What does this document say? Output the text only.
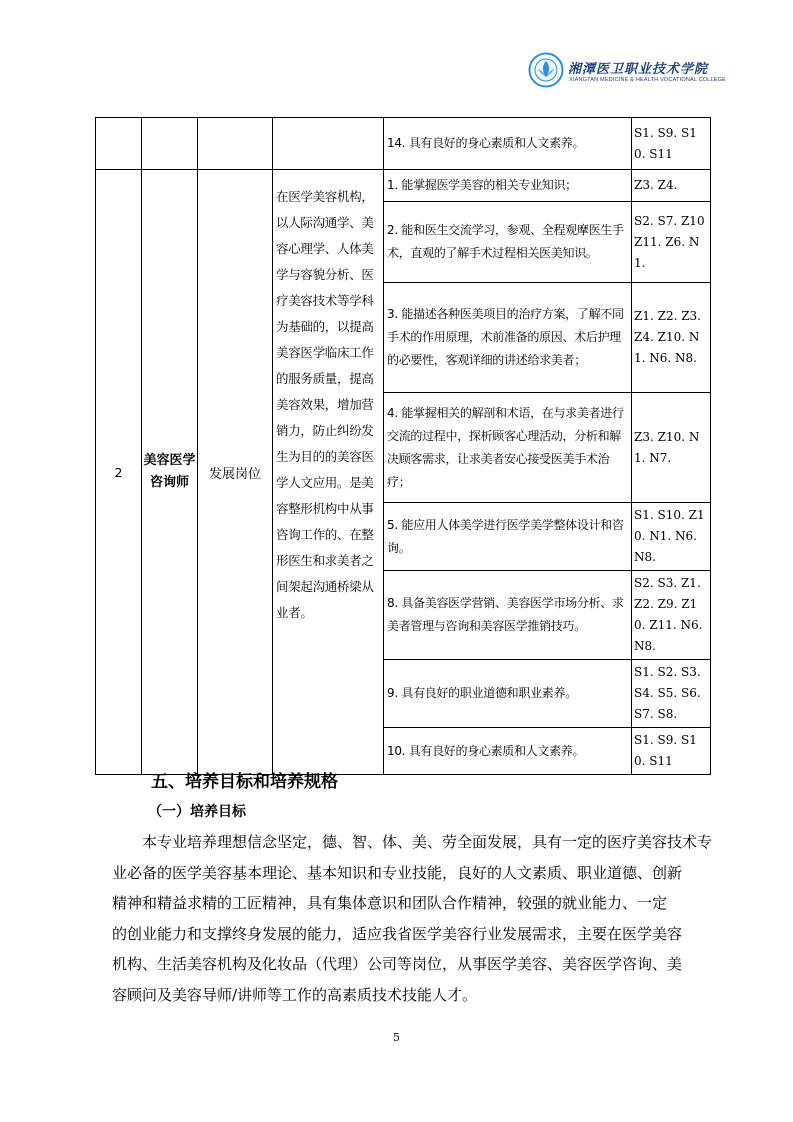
湘潭医卫职业技术学院
XIANGTAN MEDICINE & HEALTH VOCATIONAL COLLEGE
				14. 具有良好的身心素质和人文素养。	S1. S9. S10. S11
2	美容医学咨询师	发展岗位	在医学美容机构，以人际沟通学、美容心理学、人体美学与容貌分析、医疗美容技术等学科为基础的，以提高美容医学临床工作的服务质量，提高美容效果，增加营销力，防止纠纷发生为目的的美容医学人文应用。是美容整形机构中从事咨询工作的、在整形医生和求美者之间架起沟通桥梁从业者。	1. 能掌握医学美容的相关专业知识；	Z3. Z4.
				2. 能和医生交流学习，参观、全程观摩医生手术，直观的了解手术过程相关医美知识。	S2. S7. Z10Z11. Z6. N1.
				3. 能描述各种医美项目的治疗方案，了解不同手术的作用原理，术前准备的原因、术后护理的必要性，客观详细的讲述给求美者；	Z1. Z2. Z3. Z4. Z10. N1. N6. N8.
				4. 能掌握相关的解剖和术语，在与求美者进行交流的过程中，探析顾客心理活动，分析和解决顾客需求，让求美者安心接受医美手术治疗；	Z3. Z10. N1. N7.
				5. 能应用人体美学进行医学美学整体设计和咨询。	S1. S10. Z10. N1. N6. N8.
				8. 具备美容医学营销、美容医学市场分析、求美者管理与咨询和美容医学推销技巧。	S2. S3. Z1. Z2. Z9. Z10. Z11. N6. N8.
				9. 具有良好的职业道德和职业素养。	S1. S2. S3. S4. S5. S6. S7. S8.
				10. 具有良好的身心素质和人文素养。	S1. S9. S10. S11
五、培养目标和培养规格
（一）培养目标

　　本专业培养理想信念坚定，德、智、体、美、劳全面发展，具有一定的医疗美容技术专
业必备的医学美容基本理论、基本知识和专业技能，良好的人文素质、职业道德、创新
精神和精益求精的工匠精神，具有集体意识和团队合作精神，较强的就业能力、一定
的创业能力和支撑终身发展的能力，适应我省医学美容行业发展需求，主要在医学美容
机构、生活美容机构及化妆品（代理）公司等岗位，从事医学美容、美容医学咨询、美
容顾问及美容导师/讲师等工作的高素质技术技能人才。

5
